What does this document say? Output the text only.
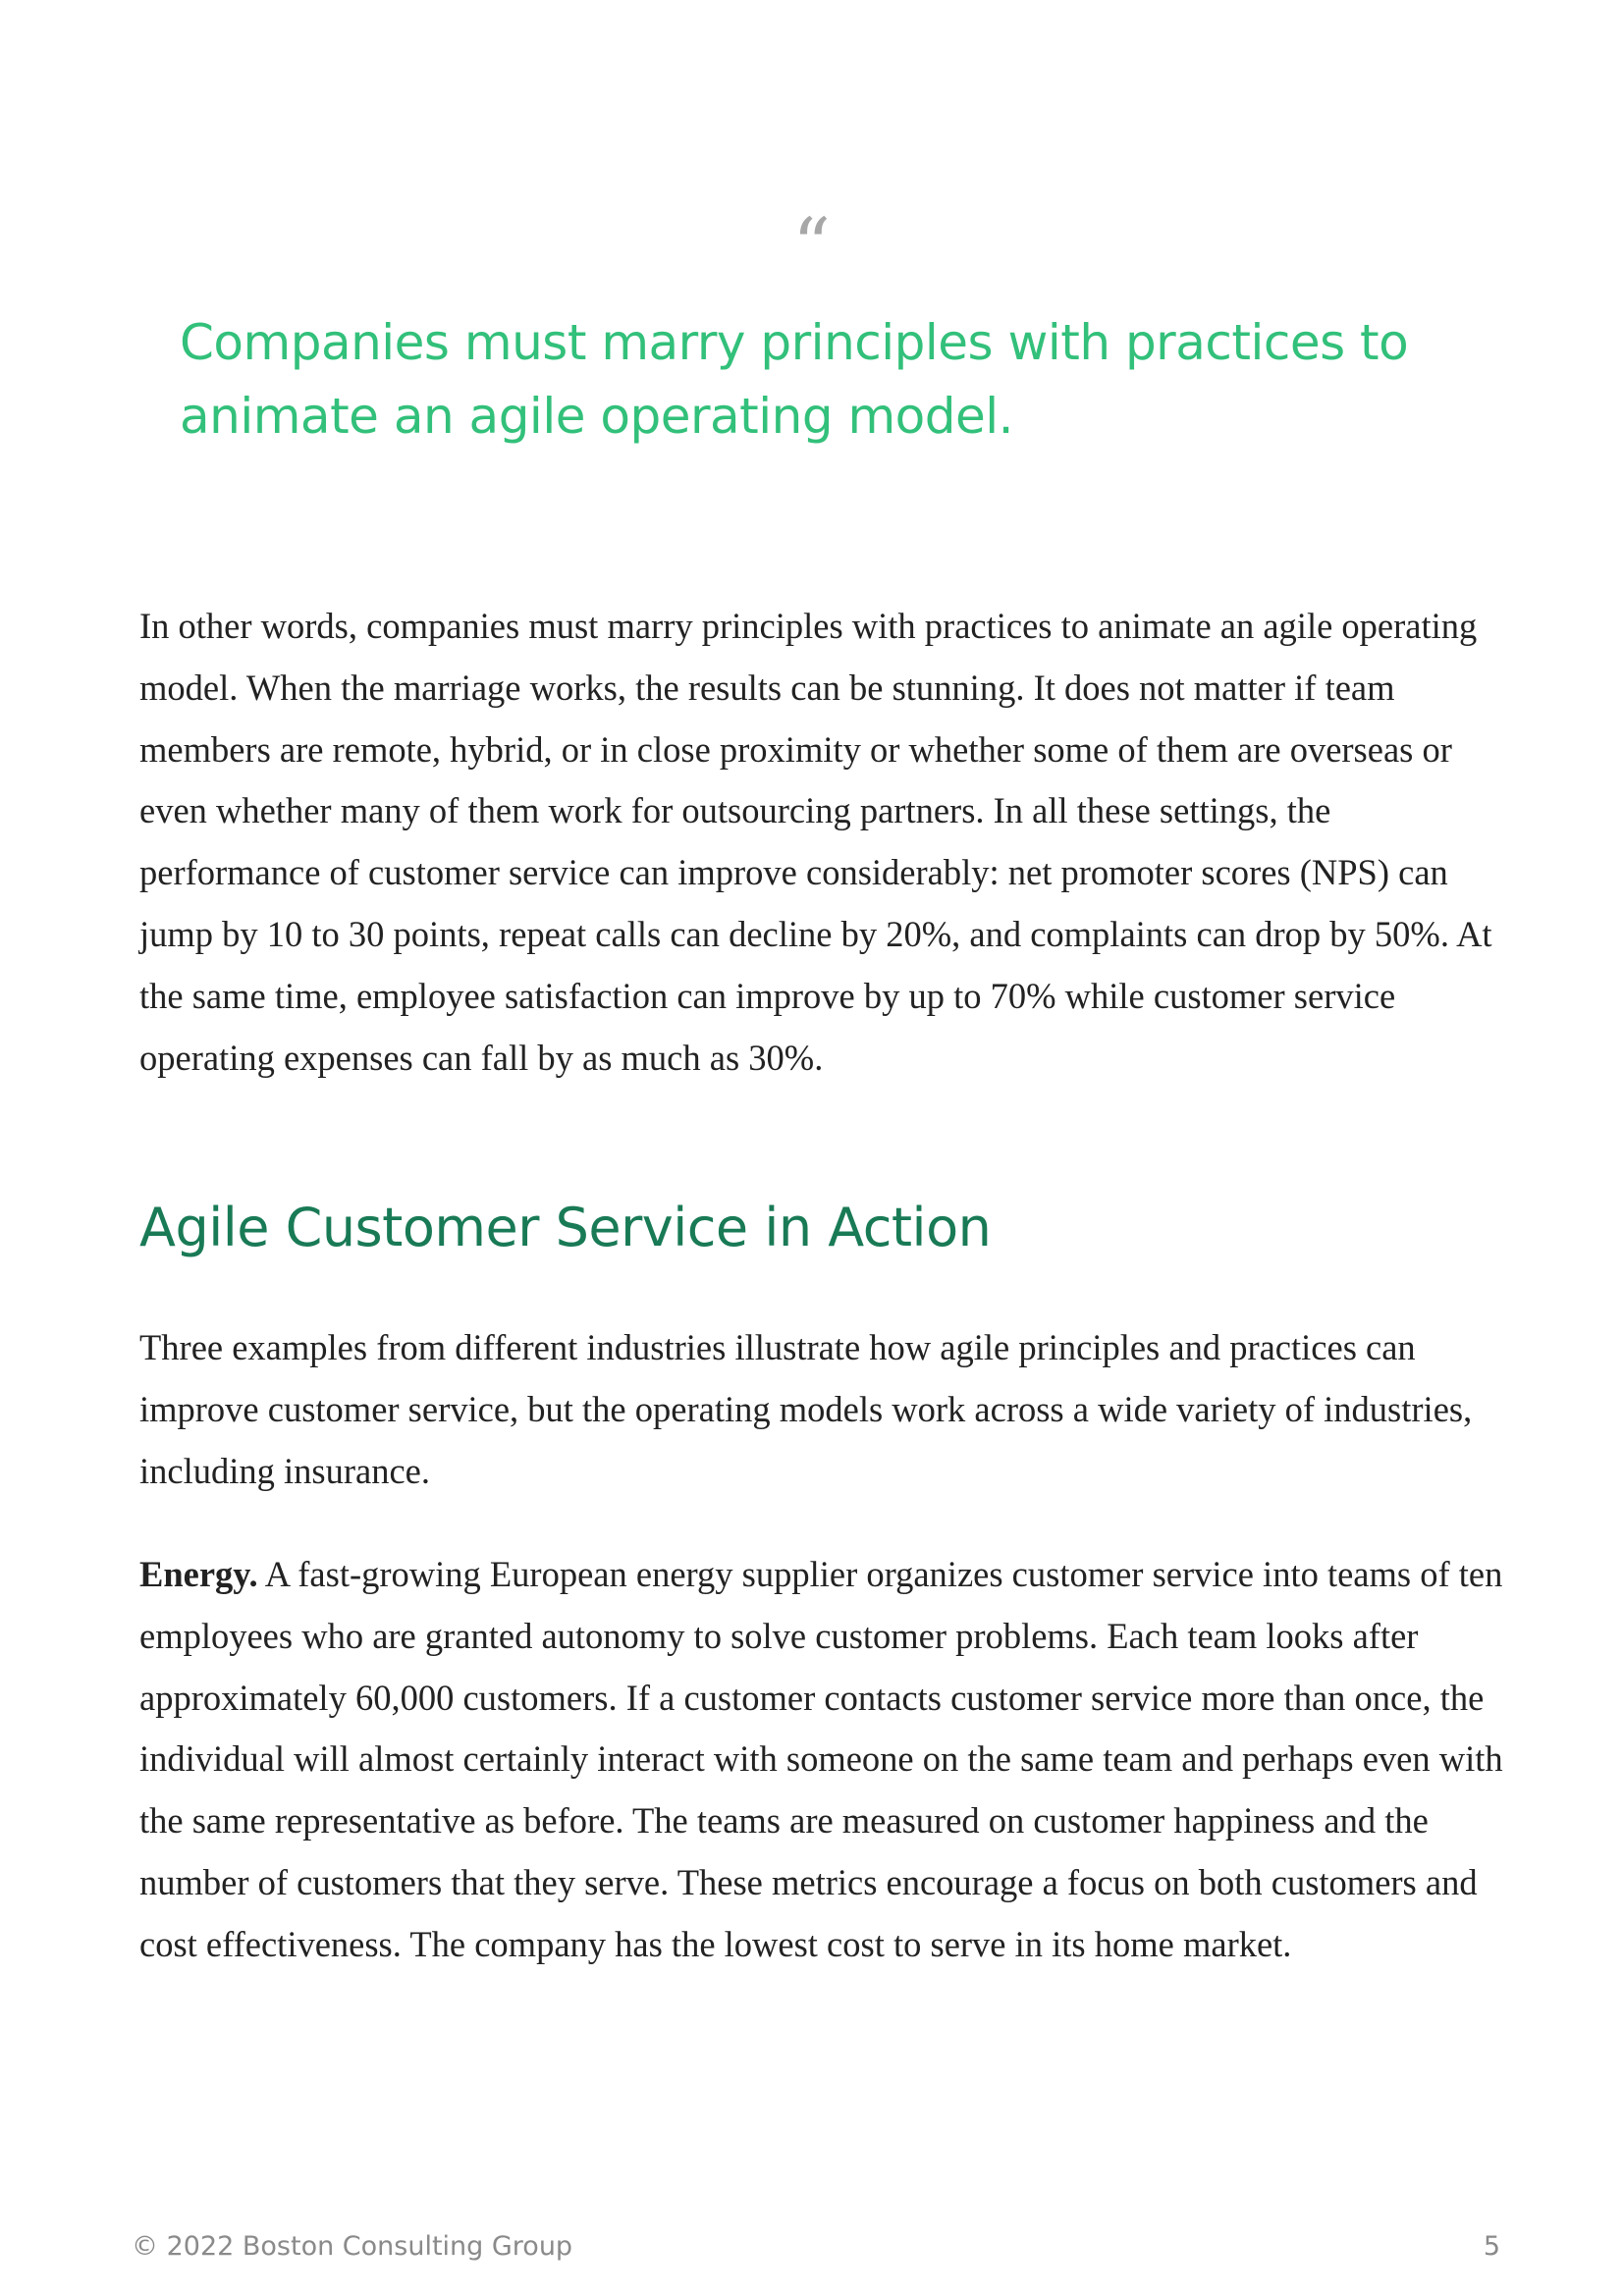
“

Companies must marry principles with practices to animate an agile operating model.

In other words, companies must marry principles with practices to animate an agile operating model. When the marriage works, the results can be stunning. It does not matter if team members are remote, hybrid, or in close proximity or whether some of them are overseas or even whether many of them work for outsourcing partners. In all these settings, the performance of customer service can improve considerably: net promoter scores (NPS) can jump by 10 to 30 points, repeat calls can decline by 20%, and complaints can drop by 50%. At the same time, employee satisfaction can improve by up to 70% while customer service operating expenses can fall by as much as 30%.

Agile Customer Service in Action

Three examples from different industries illustrate how agile principles and practices can improve customer service, but the operating models work across a wide variety of industries, including insurance.

Energy. A fast-growing European energy supplier organizes customer service into teams of ten employees who are granted autonomy to solve customer problems. Each team looks after approximately 60,000 customers. If a customer contacts customer service more than once, the individual will almost certainly interact with someone on the same team and perhaps even with the same representative as before. The teams are measured on customer happiness and the number of customers that they serve. These metrics encourage a focus on both customers and cost effectiveness. The company has the lowest cost to serve in its home market.

© 2022 Boston Consulting Group	5
